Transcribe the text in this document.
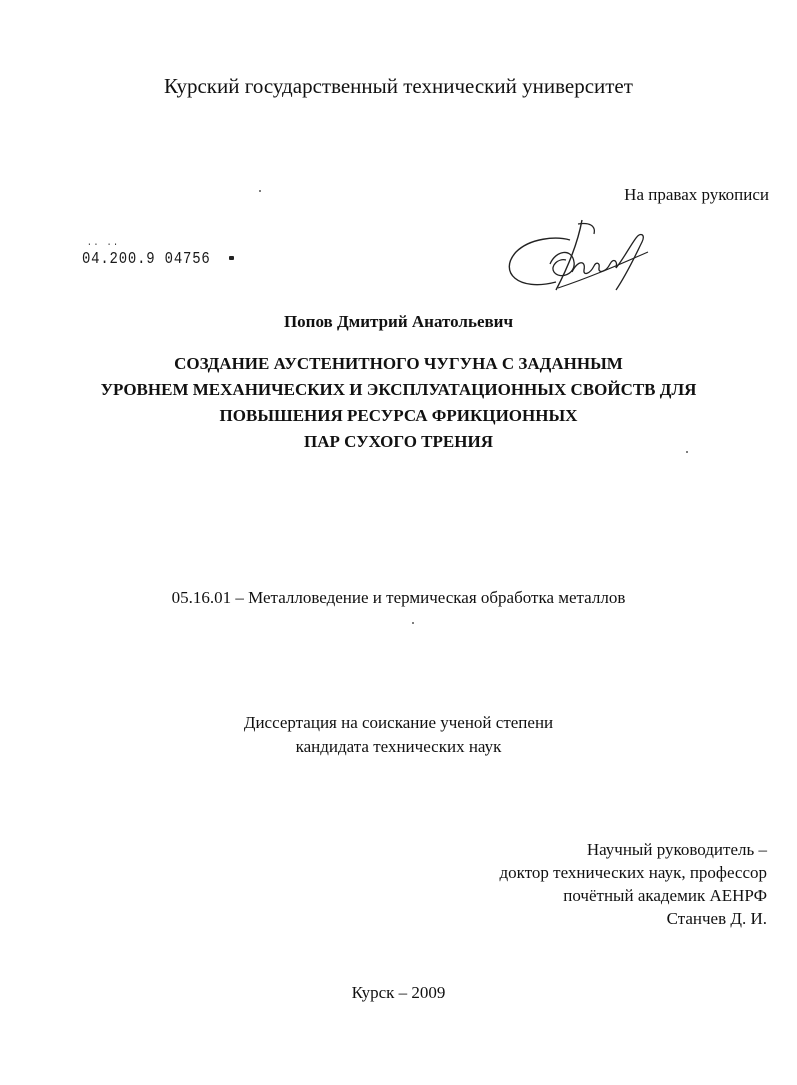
Курский государственный технический университет
На правах рукописи
∙∙ ∙∙
04.200.9 04756
Попов Дмитрий Анатольевич
СОЗДАНИЕ АУСТЕНИТНОГО ЧУГУНА С ЗАДАННЫМ
УРОВНЕМ МЕХАНИЧЕСКИХ И ЭКСПЛУАТАЦИОННЫХ СВОЙСТВ ДЛЯ
ПОВЫШЕНИЯ РЕСУРСА ФРИКЦИОННЫХ
ПАР СУХОГО ТРЕНИЯ
05.16.01 – Металловедение и термическая обработка металлов
Диссертация на соискание ученой степени
кандидата технических наук
Научный руководитель –
доктор технических наук, профессор
почётный академик АЕНРФ
Станчев Д. И.
Курск – 2009
